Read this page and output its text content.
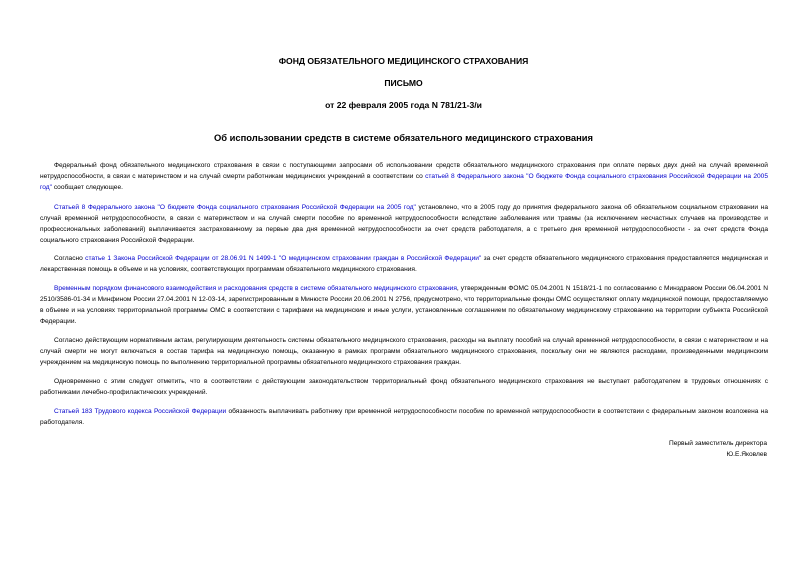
ФОНД ОБЯЗАТЕЛЬНОГО МЕДИЦИНСКОГО СТРАХОВАНИЯ
ПИСЬМО
от 22 февраля 2005 года N 781/21-3/и
Об использовании средств в системе обязательного медицинского страхования
Федеральный фонд обязательного медицинского страхования в связи с поступающими запросами об использовании средств обязательного медицинского страхования при оплате первых двух дней на случай временной нетрудоспособности, в связи с материнством и на случай смерти работникам медицинских учреждений в соответствии со статьей 8 Федерального закона "О бюджете Фонда социального страхования Российской Федерации на 2005 год" сообщает следующее.
Статьей 8 Федерального закона "О бюджете Фонда социального страхования Российской Федерации на 2005 год" установлено, что в 2005 году до принятия федерального закона об обязательном социальном страховании на случай временной нетрудоспособности, в связи с материнством и на случай смерти пособие по временной нетрудоспособности вследствие заболевания или травмы (за исключением несчастных случаев на производстве и профессиональных заболеваний) выплачивается застрахованному за первые два дня временной нетрудоспособности за счет средств работодателя, а с третьего дня временной нетрудоспособности - за счет средств Фонда социального страхования Российской Федерации.
Согласно статье 1 Закона Российской Федерации от 28.06.91 N 1499-1 "О медицинском страховании граждан в Российской Федерации" за счет средств обязательного медицинского страхования предоставляется медицинская и лекарственная помощь в объеме и на условиях, соответствующих программам обязательного медицинского страхования.
Временным порядком финансового взаимодействия и расходования средств в системе обязательного медицинского страхования, утвержденным ФОМС 05.04.2001 N 1518/21-1 по согласованию с Минздравом России 06.04.2001 N 2510/3586-01-34 и Минфином России 27.04.2001 N 12-03-14, зарегистрированным в Минюсте России 20.06.2001 N 2756, предусмотрено, что территориальные фонды ОМС осуществляют оплату медицинской помощи, предоставляемую в объеме и на условиях территориальной программы ОМС в соответствии с тарифами на медицинские и иные услуги, установленные соглашением по обязательному медицинскому страхованию на территории субъекта Российской Федерации.
Согласно действующим нормативным актам, регулирующим деятельность системы обязательного медицинского страхования, расходы на выплату пособий на случай временной нетрудоспособности, в связи с материнством и на случай смерти не могут включаться в состав тарифа на медицинскую помощь, оказанную в рамках программ обязательного медицинского страхования, поскольку они не являются расходами, произведенными медицинским учреждением на медицинскую помощь по выполнению территориальной программы обязательного медицинского страхования граждан.
Одновременно с этим следует отметить, что в соответствии с действующим законодательством территориальный фонд обязательного медицинского страхования не выступает работодателем в трудовых отношениях с работниками лечебно-профилактических учреждений.
Статьей 183 Трудового кодекса Российской Федерации обязанность выплачивать работнику при временной нетрудоспособности пособие по временной нетрудоспособности в соответствии с федеральным законом возложена на работодателя.
Первый заместитель директора
Ю.Е.Яковлев
